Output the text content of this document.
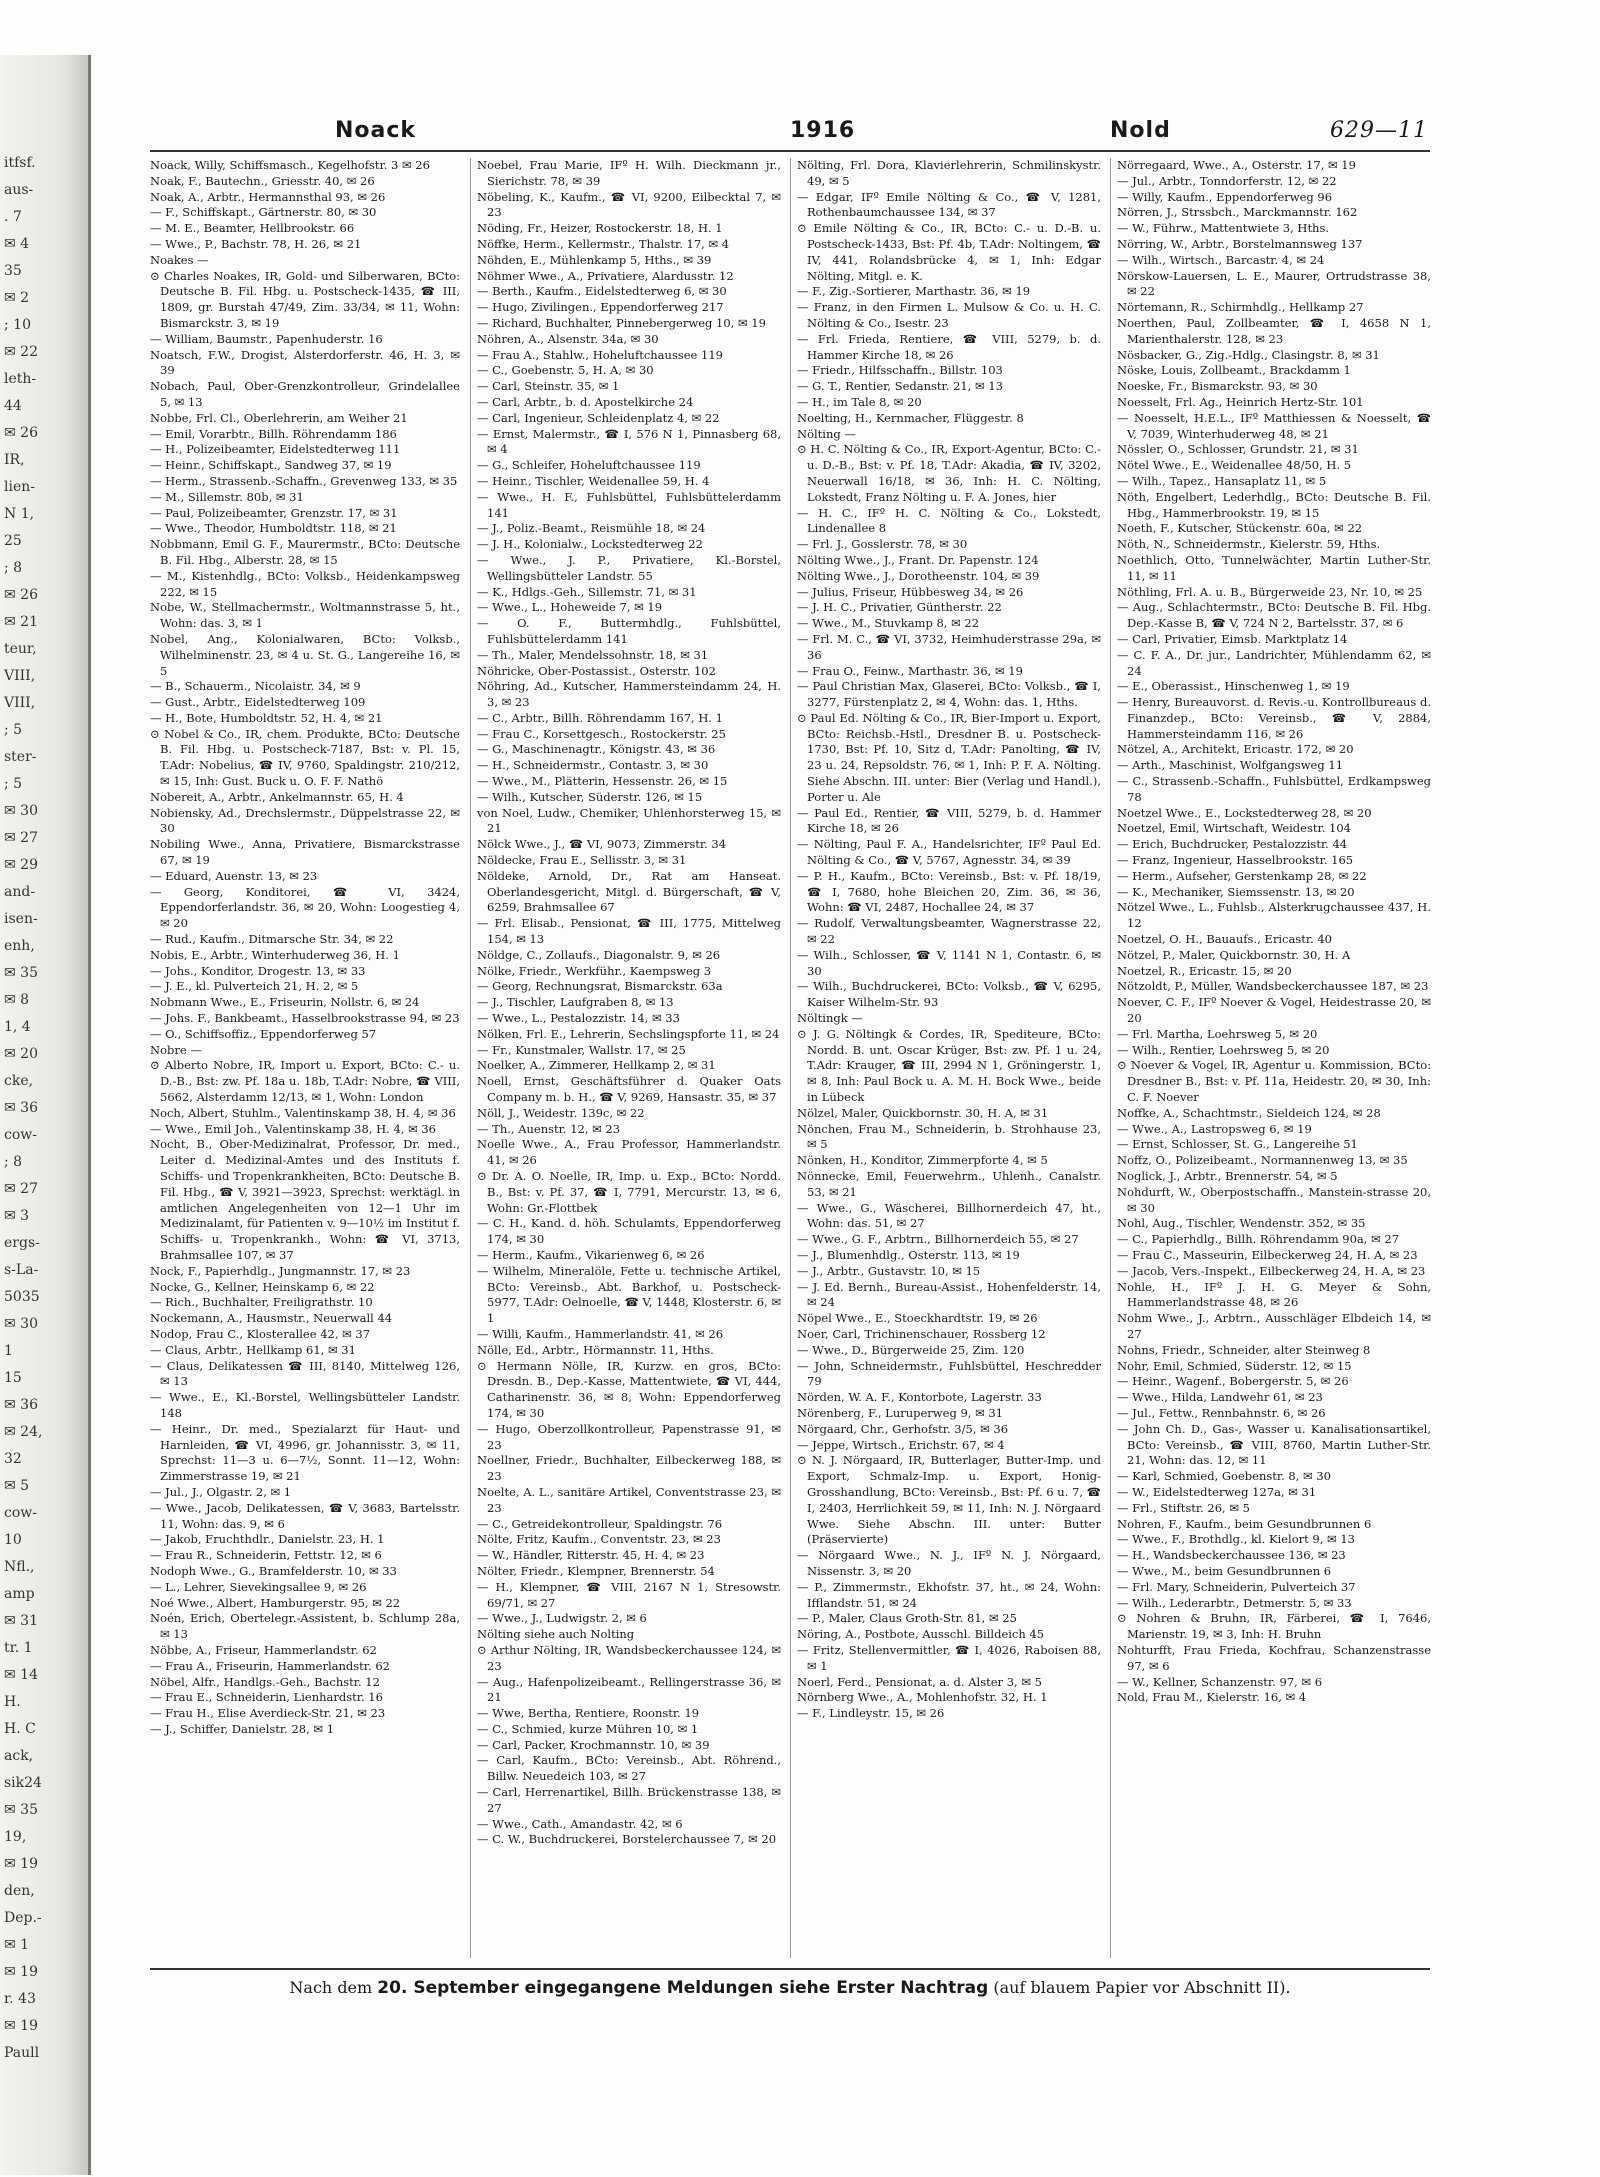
itfsf.
aus-
. 7
✉ 4
35
✉ 2
; 10
✉ 22
leth-
44
✉ 26
IR,
lien-
N 1,
25
; 8
✉ 26
✉ 21
teur,
VIII,
VIII,
; 5
ster-
; 5
✉ 30
✉ 27
✉ 29
and-
isen-
enh,
✉ 35
✉ 8
1, 4
✉ 20
cke,
✉ 36
cow-
; 8
✉ 27
✉ 3
ergs-
s-La-
5035
✉ 30
1
15
✉ 36
✉ 24,
32
✉ 5
cow-
10
Nfl.,
amp
✉ 31
tr. 1
✉ 14
H.
H. C
ack,
sik24
✉ 35
19,
✉ 19
den,
Dep.-
✉ 1
✉ 19
r. 43
✉ 19
Paull
Noack	1916	Nold	629—11

Noack, Willy, Schiffsmasch., Kegelhofstr. 3 ✉ 26

Noak, F., Bautechn., Griesstr. 40, ✉ 26

Noak, A., Arbtr., Hermannsthal 93, ✉ 26

— F., Schiffskapt., Gärtnerstr. 80, ✉ 30

— M. E., Beamter, Hellbrookstr. 66

— Wwe., P., Bachstr. 78, H. 26, ✉ 21

Noakes —

⊙ Charles Noakes, IR, Gold- und Silberwaren, BCto: Deutsche B. Fil. Hbg. u. Postscheck-1435, ☎ III, 1809, gr. Burstah 47/49, Zim. 33/34, ✉ 11, Wohn: Bismarckstr. 3, ✉ 19

— William, Baumstr., Papenhuderstr. 16

Noatsch, F.W., Drogist, Alsterdorferstr. 46, H. 3, ✉ 39

Nobach, Paul, Ober-Grenzkontrolleur, Grindelallee 5, ✉ 13

Nobbe, Frl. Cl., Oberlehrerin, am Weiher 21

— Emil, Vorarbtr., Billh. Röhrendamm 186

— H., Polizeibeamter, Eidelstedterweg 111

— Heinr., Schiffskapt., Sandweg 37, ✉ 19

— Herm., Strassenb.-Schaffn., Grevenweg 133, ✉ 35

— M., Sillemstr. 80b, ✉ 31

— Paul, Polizeibeamter, Grenzstr. 17, ✉ 31

— Wwe., Theodor, Humboldtstr. 118, ✉ 21

Nobbmann, Emil G. F., Maurermstr., BCto: Deutsche B. Fil. Hbg., Alberstr. 28, ✉ 15

— M., Kistenhdlg., BCto: Volksb., Heidenkampsweg 222, ✉ 15

Nobe, W., Stellmachermstr., Woltmannstrasse 5, ht., Wohn: das. 3, ✉ 1

Nobel, Ang., Kolonialwaren, BCto: Volksb., Wilhelminenstr. 23, ✉ 4 u. St. G., Langereihe 16, ✉ 5

— B., Schauerm., Nicolaistr. 34, ✉ 9

— Gust., Arbtr., Eidelstedterweg 109

— H., Bote, Humboldtstr. 52, H. 4, ✉ 21

⊙ Nobel & Co., IR, chem. Produkte, BCto: Deutsche B. Fil. Hbg. u. Postscheck-7187, Bst: v. Pl. 15, T.Adr: Nobelius, ☎ IV, 9760, Spaldingstr. 210/212, ✉ 15, Inh: Gust. Buck u. O. F. F. Nathö

Nobereit, A., Arbtr., Ankelmannstr. 65, H. 4

Nobiensky, Ad., Drechslermstr., Düppelstrasse 22, ✉ 30

Nobiling Wwe., Anna, Privatiere, Bismarckstrasse 67, ✉ 19

— Eduard, Auenstr. 13, ✉ 23

— Georg, Konditorei, ☎ VI, 3424, Eppendorferlandstr. 36, ✉ 20, Wohn: Loogestieg 4, ✉ 20

— Rud., Kaufm., Ditmarsche Str. 34, ✉ 22

Nobis, E., Arbtr., Winterhuderweg 36, H. 1

— Johs., Konditor, Drogestr. 13, ✉ 33

— J. E., kl. Pulverteich 21, H. 2, ✉ 5

Nobmann Wwe., E., Friseurin, Nollstr. 6, ✉ 24

— Johs. F., Bankbeamt., Hasselbrookstrasse 94, ✉ 23

— O., Schiffsoffiz., Eppendorferweg 57

Nobre —

⊙ Alberto Nobre, IR, Import u. Export, BCto: C.- u. D.-B., Bst: zw. Pf. 18a u. 18b, T.Adr: Nobre, ☎ VIII, 5662, Alsterdamm 12/13, ✉ 1, Wohn: London

Noch, Albert, Stuhlm., Valentinskamp 38, H. 4, ✉ 36

— Wwe., Emil Joh., Valentinskamp 38, H. 4, ✉ 36

Nocht, B., Ober-Medizinalrat, Professor, Dr. med., Leiter d. Medizinal-Amtes und des Instituts f. Schiffs- und Tropenkrankheiten, BCto: Deutsche B. Fil. Hbg., ☎ V, 3921—3923, Sprechst: werktägl. in amtlichen Angelegenheiten von 12—1 Uhr im Medizinalamt, für Patienten v. 9—10½ im Institut f. Schiffs- u. Tropenkrankh., Wohn: ☎ VI, 3713, Brahmsallee 107, ✉ 37

Nock, F., Papierhdlg., Jungmannstr. 17, ✉ 23

Nocke, G., Kellner, Heinskamp 6, ✉ 22

— Rich., Buchhalter, Freiligrathstr. 10

Nockemann, A., Hausmstr., Neuerwall 44

Nodop, Frau C., Klosterallee 42, ✉ 37

— Claus, Arbtr., Hellkamp 61, ✉ 31

— Claus, Delikatessen ☎ III, 8140, Mittelweg 126, ✉ 13

— Wwe., E., Kl.-Borstel, Wellingsbütteler Landstr. 148

— Heinr., Dr. med., Spezialarzt für Haut- und Harnleiden, ☎ VI, 4996, gr. Johannisstr. 3, ✉ 11, Sprechst: 11—3 u. 6—7½, Sonnt. 11—12, Wohn: Zimmerstrasse 19, ✉ 21

— Jul., J., Olgastr. 2, ✉ 1

— Wwe., Jacob, Delikatessen, ☎ V, 3683, Bartelsstr. 11, Wohn: das. 9, ✉ 6

— Jakob, Fruchthdlr., Danielstr. 23, H. 1

— Frau R., Schneiderin, Fettstr. 12, ✉ 6

Nodoph Wwe., G., Bramfelderstr. 10, ✉ 33

— L., Lehrer, Sievekingsallee 9, ✉ 26

Noé Wwe., Albert, Hamburgerstr. 95, ✉ 22

Noén, Erich, Obertelegr.-Assistent, b. Schlump 28a, ✉ 13

Nöbbe, A., Friseur, Hammerlandstr. 62

— Frau A., Friseurin, Hammerlandstr. 62

Nöbel, Alfr., Handlgs.-Geh., Bachstr. 12

— Frau E., Schneiderin, Lienhardstr. 16

— Frau H., Elise Averdieck-Str. 21, ✉ 23

— J., Schiffer, Danielstr. 28, ✉ 1

Noebel, Frau Marie, IFº H. Wilh. Dieckmann jr., Sierichstr. 78, ✉ 39

Nöbeling, K., Kaufm., ☎ VI, 9200, Eilbecktal 7, ✉ 23

Nöding, Fr., Heizer, Rostockerstr. 18, H. 1

Nöffke, Herm., Kellermstr., Thalstr. 17, ✉ 4

Nöhden, E., Mühlenkamp 5, Hths., ✉ 39

Nöhmer Wwe., A., Privatiere, Alardusstr. 12

— Berth., Kaufm., Eidelstedterweg 6, ✉ 30

— Hugo, Zivilingen., Eppendorferweg 217

— Richard, Buchhalter, Pinnebergerweg 10, ✉ 19

Nöhren, A., Alsenstr. 34a, ✉ 30

— Frau A., Stahlw., Hoheluftchaussee 119

— C., Goebenstr. 5, H. A, ✉ 30

— Carl, Steinstr. 35, ✉ 1

— Carl, Arbtr., b. d. Apostelkirche 24

— Carl, Ingenieur, Schleidenplatz 4, ✉ 22

— Ernst, Malermstr., ☎ I, 576 N 1, Pinnasberg 68, ✉ 4

— G., Schleifer, Hoheluftchaussee 119

— Heinr., Tischler, Weidenallee 59, H. 4

— Wwe., H. F., Fuhlsbüttel, Fuhlsbüttelerdamm 141

— J., Poliz.-Beamt., Reismühle 18, ✉ 24

— J. H., Kolonialw., Lockstedterweg 22

— Wwe., J. P., Privatiere, Kl.-Borstel, Wellingsbütteler Landstr. 55

— K., Hdlgs.-Geh., Sillemstr. 71, ✉ 31

— Wwe., L., Hoheweide 7, ✉ 19

— O. F., Buttermhdlg., Fuhlsbüttel, Fuhlsbüttelerdamm 141

— Th., Maler, Mendelssohnstr. 18, ✉ 31

Nöhricke, Ober-Postassist., Osterstr. 102

Nöhring, Ad., Kutscher, Hammersteindamm 24, H. 3, ✉ 23

— C., Arbtr., Billh. Röhrendamm 167, H. 1

— Frau C., Korsettgesch., Rostockerstr. 25

— G., Maschinenagtr., Königstr. 43, ✉ 36

— H., Schneidermstr., Contastr. 3, ✉ 30

— Wwe., M., Plätterin, Hessenstr. 26, ✉ 15

— Wilh., Kutscher, Süderstr. 126, ✉ 15

von Noel, Ludw., Chemiker, Uhlenhorsterweg 15, ✉ 21

Nölck Wwe., J., ☎ VI, 9073, Zimmerstr. 34

Nöldecke, Frau E., Sellisstr. 3, ✉ 31

Nöldeke, Arnold, Dr., Rat am Hanseat. Oberlandesgericht, Mitgl. d. Bürgerschaft, ☎ V, 6259, Brahmsallee 67

— Frl. Elisab., Pensionat, ☎ III, 1775, Mittelweg 154, ✉ 13

Nöldge, C., Zollaufs., Diagonalstr. 9, ✉ 26

Nölke, Friedr., Werkführ., Kaempsweg 3

— Georg, Rechnungsrat, Bismarckstr. 63a

— J., Tischler, Laufgraben 8, ✉ 13

— Wwe., L., Pestalozzistr. 14, ✉ 33

Nölken, Frl. E., Lehrerin, Sechslingspforte 11, ✉ 24

— Fr., Kunstmaler, Wallstr. 17, ✉ 25

Noelker, A., Zimmerer, Hellkamp 2, ✉ 31

Noell, Ernst, Geschäftsführer d. Quaker Oats Company m. b. H., ☎ V, 9269, Hansastr. 35, ✉ 37

Nöll, J., Weidestr. 139c, ✉ 22

— Th., Auenstr. 12, ✉ 23

Noelle Wwe., A., Frau Professor, Hammerlandstr. 41, ✉ 26

⊙ Dr. A. O. Noelle, IR, Imp. u. Exp., BCto: Nordd. B., Bst: v. Pf. 37, ☎ I, 7791, Mercurstr. 13, ✉ 6, Wohn: Gr.-Flottbek

— C. H., Kand. d. höh. Schulamts, Eppendorferweg 174, ✉ 30

— Herm., Kaufm., Vikarienweg 6, ✉ 26

— Wilhelm, Mineralöle, Fette u. technische Artikel, BCto: Vereinsb., Abt. Barkhof, u. Postscheck-5977, T.Adr: Oelnoelle, ☎ V, 1448, Klosterstr. 6, ✉ 1

— Willi, Kaufm., Hammerlandstr. 41, ✉ 26

Nölle, Ed., Arbtr., Hörmannstr. 11, Hths.

⊙ Hermann Nölle, IR, Kurzw. en gros, BCto: Dresdn. B., Dep.-Kasse, Mattentwiete, ☎ VI, 444, Catharinenstr. 36, ✉ 8, Wohn: Eppendorferweg 174, ✉ 30

— Hugo, Oberzollkontrolleur, Papenstrasse 91, ✉ 23

Noellner, Friedr., Buchhalter, Eilbeckerweg 188, ✉ 23

Noelte, A. L., sanitäre Artikel, Conventstrasse 23, ✉ 23

— C., Getreidekontrolleur, Spaldingstr. 76

Nölte, Fritz, Kaufm., Conventstr. 23, ✉ 23

— W., Händler, Ritterstr. 45, H. 4, ✉ 23

Nölter, Friedr., Klempner, Brennerstr. 54

— H., Klempner, ☎ VIII, 2167 N 1, Stresowstr. 69/71, ✉ 27

— Wwe., J., Ludwigstr. 2, ✉ 6

Nölting siehe auch Nolting

⊙ Arthur Nölting, IR, Wandsbeckerchaussee 124, ✉ 23

— Aug., Hafenpolizeibeamt., Rellingerstrasse 36, ✉ 21

— Wwe, Bertha, Rentiere, Roonstr. 19

— C., Schmied, kurze Mühren 10, ✉ 1

— Carl, Packer, Krochmannstr. 10, ✉ 39

— Carl, Kaufm., BCto: Vereinsb., Abt. Röhrend., Billw. Neuedeich 103, ✉ 27

— Carl, Herrenartikel, Billh. Brückenstrasse 138, ✉ 27

— Wwe., Cath., Amandastr. 42, ✉ 6

— C. W., Buchdruckerei, Borstelerchaussee 7, ✉ 20

Nölting, Frl. Dora, Klavierlehrerin, Schmilinskystr. 49, ✉ 5

— Edgar, IFº Emile Nölting & Co., ☎ V, 1281, Rothenbaumchaussee 134, ✉ 37

⊙ Emile Nölting & Co., IR, BCto: C.- u. D.-B. u. Postscheck-1433, Bst: Pf. 4b, T.Adr: Noltingem, ☎ IV, 441, Rolandsbrücke 4, ✉ 1, Inh: Edgar Nölting, Mitgl. e. K.

— F., Zig.-Sortierer, Marthastr. 36, ✉ 19

— Franz, in den Firmen L. Mulsow & Co. u. H. C. Nölting & Co., Isestr. 23

— Frl. Frieda, Rentiere, ☎ VIII, 5279, b. d. Hammer Kirche 18, ✉ 26

— Friedr., Hilfsschaffn., Billstr. 103

— G. T., Rentier, Sedanstr. 21, ✉ 13

— H., im Tale 8, ✉ 20

Noelting, H., Kernmacher, Flüggestr. 8

Nölting —

⊙ H. C. Nölting & Co., IR, Export-Agentur, BCto: C.- u. D.-B., Bst: v. Pf. 18, T.Adr: Akadia, ☎ IV, 3202, Neuerwall 16/18, ✉ 36, Inh: H. C. Nölting, Lokstedt, Franz Nölting u. F. A. Jones, hier

— H. C., IFº H. C. Nölting & Co., Lokstedt, Lindenallee 8

— Frl. J., Gosslerstr. 78, ✉ 30

Nölting Wwe., J., Frant. Dr. Papenstr. 124

Nölting Wwe., J., Dorotheenstr. 104, ✉ 39

— Julius, Friseur, Hübbesweg 34, ✉ 26

— J. H. C., Privatier, Güntherstr. 22

— Wwe., M., Stuvkamp 8, ✉ 22

— Frl. M. C., ☎ VI, 3732, Heimhuderstrasse 29a, ✉ 36

— Frau O., Feinw., Marthastr. 36, ✉ 19

— Paul Christian Max, Glaserei, BCto: Volksb., ☎ I, 3277, Fürstenplatz 2, ✉ 4, Wohn: das. 1, Hths.

⊙ Paul Ed. Nölting & Co., IR, Bier-Import u. Export, BCto: Reichsb.-Hstl., Dresdner B. u. Postscheck-1730, Bst: Pf. 10, Sitz d, T.Adr: Panolting, ☎ IV, 23 u. 24, Repsoldstr. 76, ✉ 1, Inh: P. F. A. Nölting. Siehe Abschn. III. unter: Bier (Verlag und Handl.), Porter u. Ale

— Paul Ed., Rentier, ☎ VIII, 5279, b. d. Hammer Kirche 18, ✉ 26

— Nölting, Paul F. A., Handelsrichter, IFº Paul Ed. Nölting & Co., ☎ V, 5767, Agnesstr. 34, ✉ 39

— P. H., Kaufm., BCto: Vereinsb., Bst: v. Pf. 18/19, ☎ I, 7680, hohe Bleichen 20, Zim. 36, ✉ 36, Wohn: ☎ VI, 2487, Hochallee 24, ✉ 37

— Rudolf, Verwaltungsbeamter, Wagnerstrasse 22, ✉ 22

— Wilh., Schlosser, ☎ V, 1141 N 1, Contastr. 6, ✉ 30

— Wilh., Buchdruckerei, BCto: Volksb., ☎ V, 6295, Kaiser Wilhelm-Str. 93

Nöltingk —

⊙ J. G. Nöltingk & Cordes, IR, Spediteure, BCto: Nordd. B. unt. Oscar Krüger, Bst: zw. Pf. 1 u. 24, T.Adr: Krauger, ☎ III, 2994 N 1, Gröningerstr. 1, ✉ 8, Inh: Paul Bock u. A. M. H. Bock Wwe., beide in Lübeck

Nölzel, Maler, Quickbornstr. 30, H. A, ✉ 31

Nönchen, Frau M., Schneiderin, b. Strohhause 23, ✉ 5

Nönken, H., Konditor, Zimmerpforte 4, ✉ 5

Nönnecke, Emil, Feuerwehrm., Uhlenh., Canalstr. 53, ✉ 21

— Wwe., G., Wäscherei, Billhornerdeich 47, ht., Wohn: das. 51, ✉ 27

— Wwe., G. F., Arbtrn., Billhornerdeich 55, ✉ 27

— J., Blumenhdlg., Osterstr. 113, ✉ 19

— J., Arbtr., Gustavstr. 10, ✉ 15

— J. Ed. Bernh., Bureau-Assist., Hohenfelderstr. 14, ✉ 24

Nöpel Wwe., E., Stoeckhardtstr. 19, ✉ 26

Noer, Carl, Trichinenschauer, Rossberg 12

— Wwe., D., Bürgerweide 25, Zim. 120

— John, Schneidermstr., Fuhlsbüttel, Heschredder 79

Nörden, W. A. F., Kontorbote, Lagerstr. 33

Nörenberg, F., Luruperweg 9, ✉ 31

Nörgaard, Chr., Gerhofstr. 3/5, ✉ 36

— Jeppe, Wirtsch., Erichstr. 67, ✉ 4

⊙ N. J. Nörgaard, IR, Butterlager, Butter-Imp. und Export, Schmalz-Imp. u. Export, Honig-Grosshandlung, BCto: Vereinsb., Bst: Pf. 6 u. 7, ☎ I, 2403, Herrlichkeit 59, ✉ 11, Inh: N. J. Nörgaard Wwe. Siehe Abschn. III. unter: Butter (Präservierte)

— Nörgaard Wwe., N. J., IFº N. J. Nörgaard, Nissenstr. 3, ✉ 20

— P., Zimmermstr., Ekhofstr. 37, ht., ✉ 24, Wohn: Ifflandstr. 51, ✉ 24

— P., Maler, Claus Groth-Str. 81, ✉ 25

Nöring, A., Postbote, Ausschl. Billdeich 45

— Fritz, Stellenvermittler, ☎ I, 4026, Raboisen 88, ✉ 1

Noerl, Ferd., Pensionat, a. d. Alster 3, ✉ 5

Nörnberg Wwe., A., Mohlenhofstr. 32, H. 1

— F., Lindleystr. 15, ✉ 26

Nörregaard, Wwe., A., Osterstr. 17, ✉ 19

— Jul., Arbtr., Tonndorferstr. 12, ✉ 22

— Willy, Kaufm., Eppendorferweg 96

Nörren, J., Strssbch., Marckmannstr. 162

— W., Führw., Mattentwiete 3, Hths.

Nörring, W., Arbtr., Borstelmannsweg 137

— Wilh., Wirtsch., Barcastr. 4, ✉ 24

Nörskow-Lauersen, L. E., Maurer, Ortrudstrasse 38, ✉ 22

Nörtemann, R., Schirmhdlg., Hellkamp 27

Noerthen, Paul, Zollbeamter, ☎ I, 4658 N 1, Marienthalerstr. 128, ✉ 23

Nösbacker, G., Zig.-Hdlg., Clasingstr. 8, ✉ 31

Nöske, Louis, Zollbeamt., Brackdamm 1

Noeske, Fr., Bismarckstr. 93, ✉ 30

Noesselt, Frl. Ag., Heinrich Hertz-Str. 101

— Noesselt, H.E.L., IFº Matthiessen & Noesselt, ☎ V, 7039, Winterhuderweg 48, ✉ 21

Nössler, O., Schlosser, Grundstr. 21, ✉ 31

Nötel Wwe., E., Weidenallee 48/50, H. 5

— Wilh., Tapez., Hansaplatz 11, ✉ 5

Nöth, Engelbert, Lederhdlg., BCto: Deutsche B. Fil. Hbg., Hammerbrookstr. 19, ✉ 15

Noeth, F., Kutscher, Stückenstr. 60a, ✉ 22

Nöth, N., Schneidermstr., Kielerstr. 59, Hths.

Noethlich, Otto, Tunnelwächter, Martin Luther-Str. 11, ✉ 11

Nöthling, Frl. A. u. B., Bürgerweide 23, Nr. 10, ✉ 25

— Aug., Schlachtermstr., BCto: Deutsche B. Fil. Hbg. Dep.-Kasse B, ☎ V, 724 N 2, Bartelsstr. 37, ✉ 6

— Carl, Privatier, Eimsb. Marktplatz 14

— C. F. A., Dr. jur., Landrichter, Mühlendamm 62, ✉ 24

— E., Oberassist., Hinschenweg 1, ✉ 19

— Henry, Bureauvorst. d. Revis.-u. Kontrollbureaus d. Finanzdep., BCto: Vereinsb., ☎ V, 2884, Hammersteindamm 116, ✉ 26

Nötzel, A., Architekt, Ericastr. 172, ✉ 20

— Arth., Maschinist, Wolfgangsweg 11

— C., Strassenb.-Schaffn., Fuhlsbüttel, Erdkampsweg 78

Noetzel Wwe., E., Lockstedterweg 28, ✉ 20

Noetzel, Emil, Wirtschaft, Weidestr. 104

— Erich, Buchdrucker, Pestalozzistr. 44

— Franz, Ingenieur, Hasselbrookstr. 165

— Herm., Aufseher, Gerstenkamp 28, ✉ 22

— K., Mechaniker, Siemssenstr. 13, ✉ 20

Nötzel Wwe., L., Fuhlsb., Alsterkrugchaussee 437, H. 12

Noetzel, O. H., Bauaufs., Ericastr. 40

Nötzel, P., Maler, Quickbornstr. 30, H. A

Noetzel, R., Ericastr. 15, ✉ 20

Nötzoldt, P., Müller, Wandsbeckerchaussee 187, ✉ 23

Noever, C. F., IFº Noever & Vogel, Heidestrasse 20, ✉ 20

— Frl. Martha, Loehrsweg 5, ✉ 20

— Wilh., Rentier, Loehrsweg 5, ✉ 20

⊙ Noever & Vogel, IR, Agentur u. Kommission, BCto: Dresdner B., Bst: v. Pf. 11a, Heidestr. 20, ✉ 30, Inh: C. F. Noever

Noffke, A., Schachtmstr., Sieldeich 124, ✉ 28

— Wwe., A., Lastropsweg 6, ✉ 19

— Ernst, Schlosser, St. G., Langereihe 51

Noffz, O., Polizeibeamt., Normannenweg 13, ✉ 35

Noglick, J., Arbtr., Brennerstr. 54, ✉ 5

Nohdurft, W., Oberpostschaffn., Manstein-strasse 20, ✉ 30

Nohl, Aug., Tischler, Wendenstr. 352, ✉ 35

— C., Papierhdlg., Billh. Röhrendamm 90a, ✉ 27

— Frau C., Masseurin, Eilbeckerweg 24, H. A, ✉ 23

— Jacob, Vers.-Inspekt., Eilbeckerweg 24, H. A, ✉ 23

Nohle, H., IFº J. H. G. Meyer & Sohn, Hammerlandstrasse 48, ✉ 26

Nohm Wwe., J., Arbtrn., Ausschläger Elbdeich 14, ✉ 27

Nohns, Friedr., Schneider, alter Steinweg 8

Nohr, Emil, Schmied, Süderstr. 12, ✉ 15

— Heinr., Wagenf., Bobergerstr. 5, ✉ 26

— Wwe., Hilda, Landwehr 61, ✉ 23

— Jul., Fettw., Rennbahnstr. 6, ✉ 26

— John Ch. D., Gas-, Wasser u. Kanalisationsartikel, BCto: Vereinsb., ☎ VIII, 8760, Martin Luther-Str. 21, Wohn: das. 12, ✉ 11

— Karl, Schmied, Goebenstr. 8, ✉ 30

— W., Eidelstedterweg 127a, ✉ 31

— Frl., Stiftstr. 26, ✉ 5

Nohren, F., Kaufm., beim Gesundbrunnen 6

— Wwe., F., Brothdlg., kl. Kielort 9, ✉ 13

— H., Wandsbeckerchaussee 136, ✉ 23

— Wwe., M., beim Gesundbrunnen 6

— Frl. Mary, Schneiderin, Pulverteich 37

— Wilh., Lederarbtr., Detmerstr. 5, ✉ 33

⊙ Nohren & Bruhn, IR, Färberei, ☎ I, 7646, Marienstr. 19, ✉ 3, Inh: H. Bruhn

Nohturfft, Frau Frieda, Kochfrau, Schanzenstrasse 97, ✉ 6

— W., Kellner, Schanzenstr. 97, ✉ 6

Nold, Frau M., Kielerstr. 16, ✉ 4

Nach dem 20. September eingegangene Meldungen siehe Erster Nachtrag (auf blauem Papier vor Abschnitt II).
